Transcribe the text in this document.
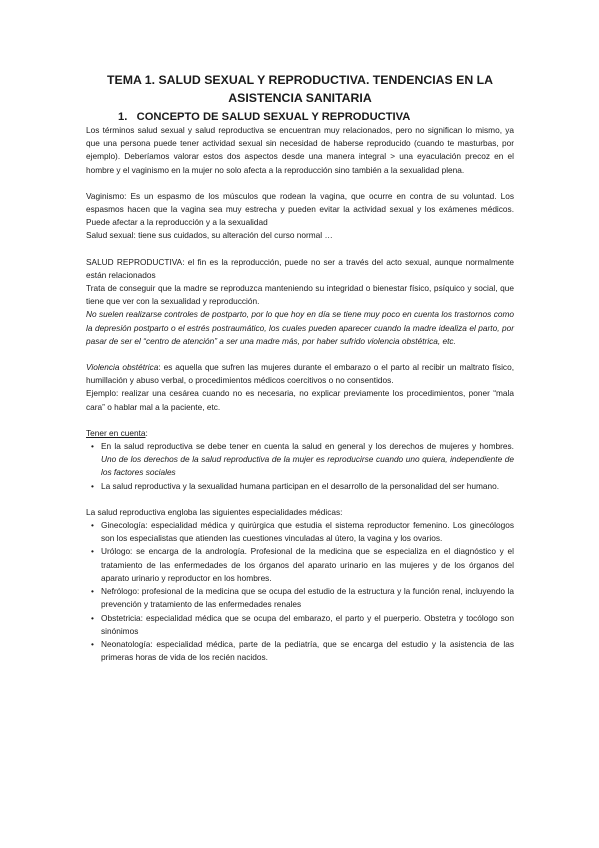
TEMA 1. SALUD SEXUAL Y REPRODUCTIVA. TENDENCIAS EN LA
ASISTENCIA SANITARIA
1.   CONCEPTO DE SALUD SEXUAL Y REPRODUCTIVA

Los términos salud sexual y salud reproductiva se encuentran muy relacionados, pero no significan lo mismo, ya que una persona puede tener actividad sexual sin necesidad de haberse reproducido (cuando te masturbas, por ejemplo). Deberíamos valorar estos dos aspectos desde una manera integral > una eyaculación precoz en el hombre y el vaginismo en la mujer no solo afecta a la reproducción sino también a la sexualidad plena.

Vaginismo: Es un espasmo de los músculos que rodean la vagina, que ocurre en contra de su voluntad. Los espasmos hacen que la vagina sea muy estrecha y pueden evitar la actividad sexual y los exámenes médicos. Puede afectar a la reproducción y a la sexualidad

Salud sexual: tiene sus cuidados, su alteración del curso normal …

SALUD REPRODUCTIVA: el fin es la reproducción, puede no ser a través del acto sexual, aunque normalmente están relacionados

Trata de conseguir que la madre se reproduzca manteniendo su integridad o bienestar físico, psíquico y social, que tiene que ver con la sexualidad y reproducción.

No suelen realizarse controles de postparto, por lo que hoy en día se tiene muy poco en cuenta los trastornos como la depresión postparto o el estrés postraumático, los cuales pueden aparecer cuando la madre idealiza el parto, por pasar de ser el “centro de atención” a ser una madre más, por haber sufrido violencia obstétrica, etc.

Violencia obstétrica: es aquella que sufren las mujeres durante el embarazo o el parto al recibir un maltrato físico, humillación y abuso verbal, o procedimientos médicos coercitivos o no consentidos.

Ejemplo: realizar una cesárea cuando no es necesaria, no explicar previamente los procedimientos, poner “mala cara” o hablar mal a la paciente, etc.

Tener en cuenta:

• En la salud reproductiva se debe tener en cuenta la salud en general y los derechos de mujeres y hombres. Uno de los derechos de la salud reproductiva de la mujer es reproducirse cuando uno quiera, independiente de los factores sociales
• La salud reproductiva y la sexualidad humana participan en el desarrollo de la personalidad del ser humano.

La salud reproductiva engloba las siguientes especialidades médicas:

• Ginecología: especialidad médica y quirúrgica que estudia el sistema reproductor femenino. Los ginecólogos son los especialistas que atienden las cuestiones vinculadas al útero, la vagina y los ovarios.
• Urólogo: se encarga de la andrología. Profesional de la medicina que se especializa en el diagnóstico y el tratamiento de las enfermedades de los órganos del aparato urinario en las mujeres y de los órganos del aparato urinario y reproductor en los hombres.
• Nefrólogo: profesional de la medicina que se ocupa del estudio de la estructura y la función renal, incluyendo la prevención y tratamiento de las enfermedades renales
• Obstetricia: especialidad médica que se ocupa del embarazo, el parto y el puerperio. Obstetra y tocólogo son sinónimos
• Neonatología: especialidad médica, parte de la pediatría, que se encarga del estudio y la asistencia de las primeras horas de vida de los recién nacidos.
